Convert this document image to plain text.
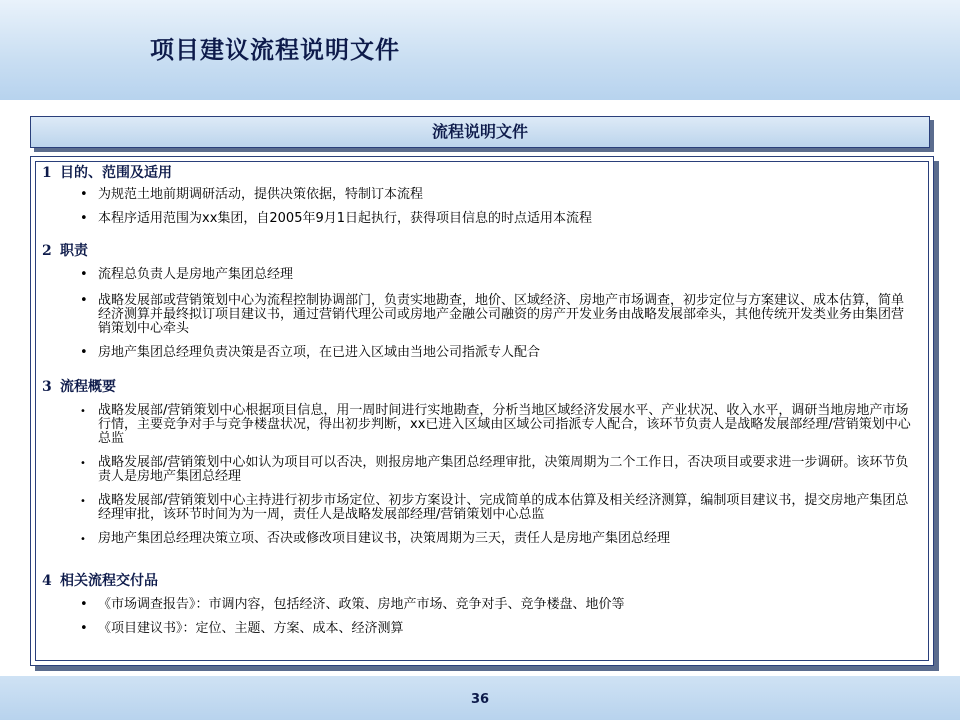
项目建议流程说明文件
流程说明文件
1 目的、范围及适用
• 为规范土地前期调研活动，提供决策依据，特制订本流程
• 本程序适用范围为xx集团，自2005年9月1日起执行，获得项目信息的时点适用本流程
2 职责
• 流程总负责人是房地产集团总经理
• 战略发展部或营销策划中心为流程控制协调部门，负责实地勘查，地价、区域经济、房地产市场调查，初步定位与方案建议、成本估算，简单经济测算并最终拟订项目建议书，通过营销代理公司或房地产金融公司融资的房产开发业务由战略发展部牵头，其他传统开发类业务由集团营销策划中心牵头
• 房地产集团总经理负责决策是否立项，在已进入区域由当地公司指派专人配合
3 流程概要
• 战略发展部/营销策划中心根据项目信息，用一周时间进行实地勘查，分析当地区域经济发展水平、产业状况、收入水平，调研当地房地产市场行情，主要竞争对手与竞争楼盘状况，得出初步判断，xx已进入区域由区域公司指派专人配合，该环节负责人是战略发展部经理/营销策划中心总监
• 战略发展部/营销策划中心如认为项目可以否决，则报房地产集团总经理审批，决策周期为二个工作日，否决项目或要求进一步调研。该环节负责人是房地产集团总经理
• 战略发展部/营销策划中心主持进行初步市场定位、初步方案设计、完成简单的成本估算及相关经济测算，编制项目建议书，提交房地产集团总经理审批，该环节时间为为一周，责任人是战略发展部经理/营销策划中心总监
• 房地产集团总经理决策立项、否决或修改项目建议书，决策周期为三天，责任人是房地产集团总经理
4 相关流程交付品
• 《市场调查报告》：市调内容，包括经济、政策、房地产市场、竞争对手、竞争楼盘、地价等
• 《项目建议书》：定位、主题、方案、成本、经济测算
36
